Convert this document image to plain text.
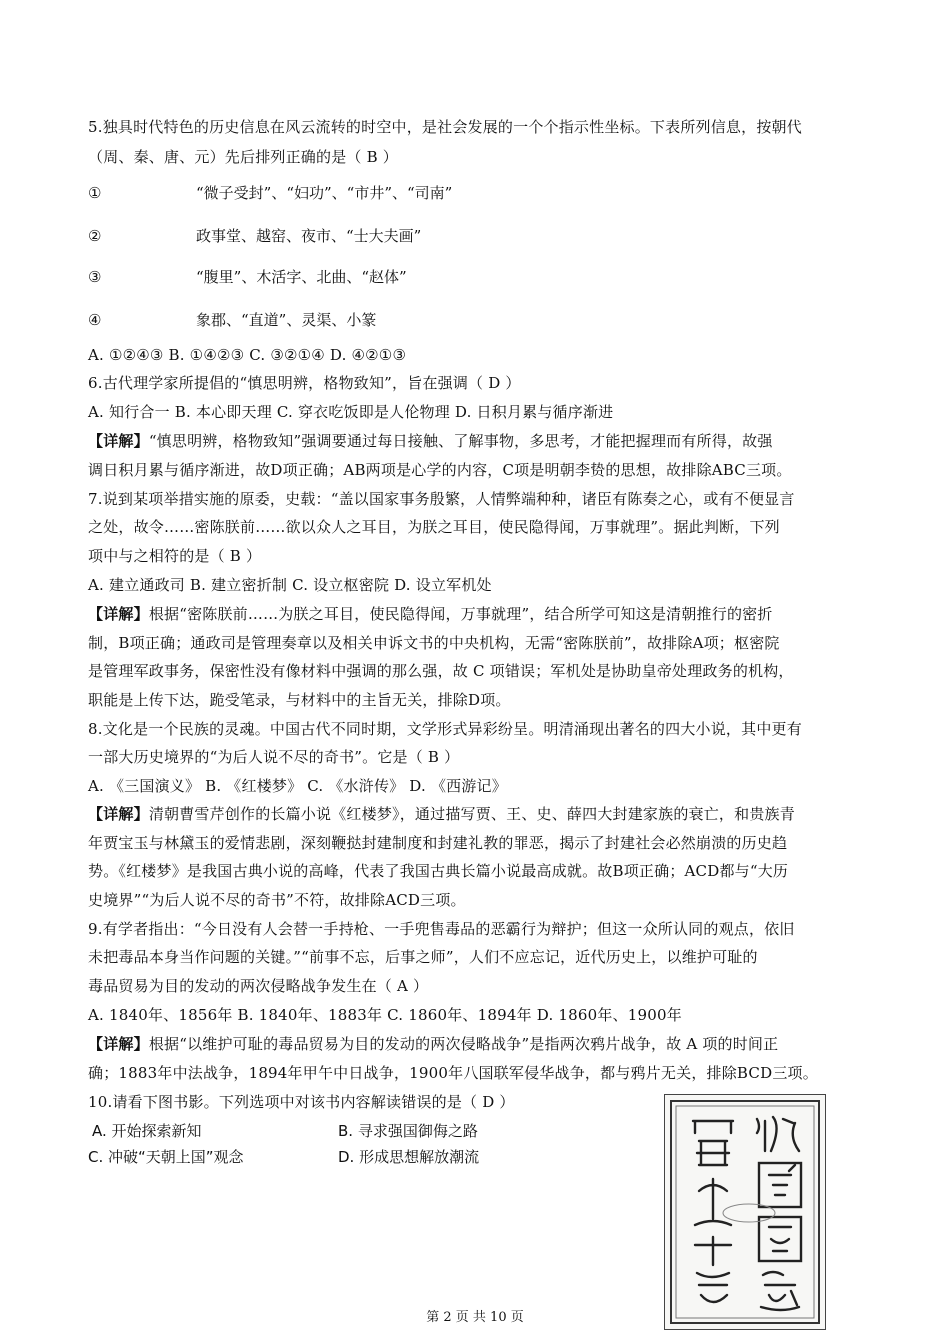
5.独具时代特色的历史信息在风云流转的时空中，是社会发展的一个个指示性坐标。下表所列信息，按朝代
（周、秦、唐、元）先后排列正确的是（ B ）
①	“微子受封”、“妇功”、“市井”、“司南”
②	政事堂、越窑、夜市、“士大夫画”
③	“腹里”、木活字、北曲、“赵体”
④	象郡、“直道”、灵渠、小篆
A. ①②④③ B. ①④②③ C. ③②①④ D. ④②①③
6.古代理学家所提倡的“慎思明辨，格物致知”，旨在强调（ D ）
A. 知行合一 B. 本心即天理 C. 穿衣吃饭即是人伦物理 D. 日积月累与循序渐进
【详解】“慎思明辨，格物致知”强调要通过每日接触、了解事物，多思考，才能把握理而有所得，故强
调日积月累与循序渐进，故D项正确；AB两项是心学的内容，C项是明朝李贽的思想，故排除ABC三项。
7.说到某项举措实施的原委，史载：“盖以国家事务殷繁，人情弊端种种，诸臣有陈奏之心，或有不便显言
之处，故令……密陈朕前……欲以众人之耳目，为朕之耳目，使民隐得闻，万事就理”。据此判断，下列
项中与之相符的是（ B ）
A. 建立通政司 B. 建立密折制 C. 设立枢密院 D. 设立军机处
【详解】根据“密陈朕前……为朕之耳目，使民隐得闻，万事就理”，结合所学可知这是清朝推行的密折
制，B项正确；通政司是管理奏章以及相关申诉文书的中央机构，无需“密陈朕前”，故排除A项；枢密院
是管理军政事务，保密性没有像材料中强调的那么强，故 C 项错误；军机处是协助皇帝处理政务的机构，
职能是上传下达，跪受笔录，与材料中的主旨无关，排除D项。
8.文化是一个民族的灵魂。中国古代不同时期，文学形式异彩纷呈。明清涌现出著名的四大小说，其中更有
一部大历史境界的“为后人说不尽的奇书”。它是（ B ）
A. 《三国演义》 B. 《红楼梦》 C. 《水浒传》 D. 《西游记》
【详解】清朝曹雪芹创作的长篇小说《红楼梦》，通过描写贾、王、史、薛四大封建家族的衰亡，和贵族青
年贾宝玉与林黛玉的爱情悲剧，深刻鞭挞封建制度和封建礼教的罪恶，揭示了封建社会必然崩溃的历史趋
势。《红楼梦》是我国古典小说的高峰，代表了我国古典长篇小说最高成就。故B项正确；ACD都与“大历
史境界”“为后人说不尽的奇书”不符，故排除ACD三项。
9.有学者指出：“今日没有人会替一手持枪、一手兜售毒品的恶霸行为辩护；但这一众所认同的观点，依旧
未把毒品本身当作问题的关键。”“前事不忘，后事之师”，人们不应忘记，近代历史上，以维护可耻的
毒品贸易为目的发动的两次侵略战争发生在（ A ）
A. 1840年、1856年 B. 1840年、1883年 C. 1860年、1894年 D. 1860年、1900年
【详解】根据“以维护可耻的毒品贸易为目的发动的两次侵略战争”是指两次鸦片战争，故 A 项的时间正
确；1883年中法战争，1894年甲午中日战争，1900年八国联军侵华战争，都与鸦片无关，排除BCD三项。
10.请看下图书影。下列选项中对该书内容解读错误的是（ D ）
A. 开始探索新知	B. 寻求强国御侮之路
C. 冲破“天朝上国”观念	D. 形成思想解放潮流
第 2 页 共 10 页
